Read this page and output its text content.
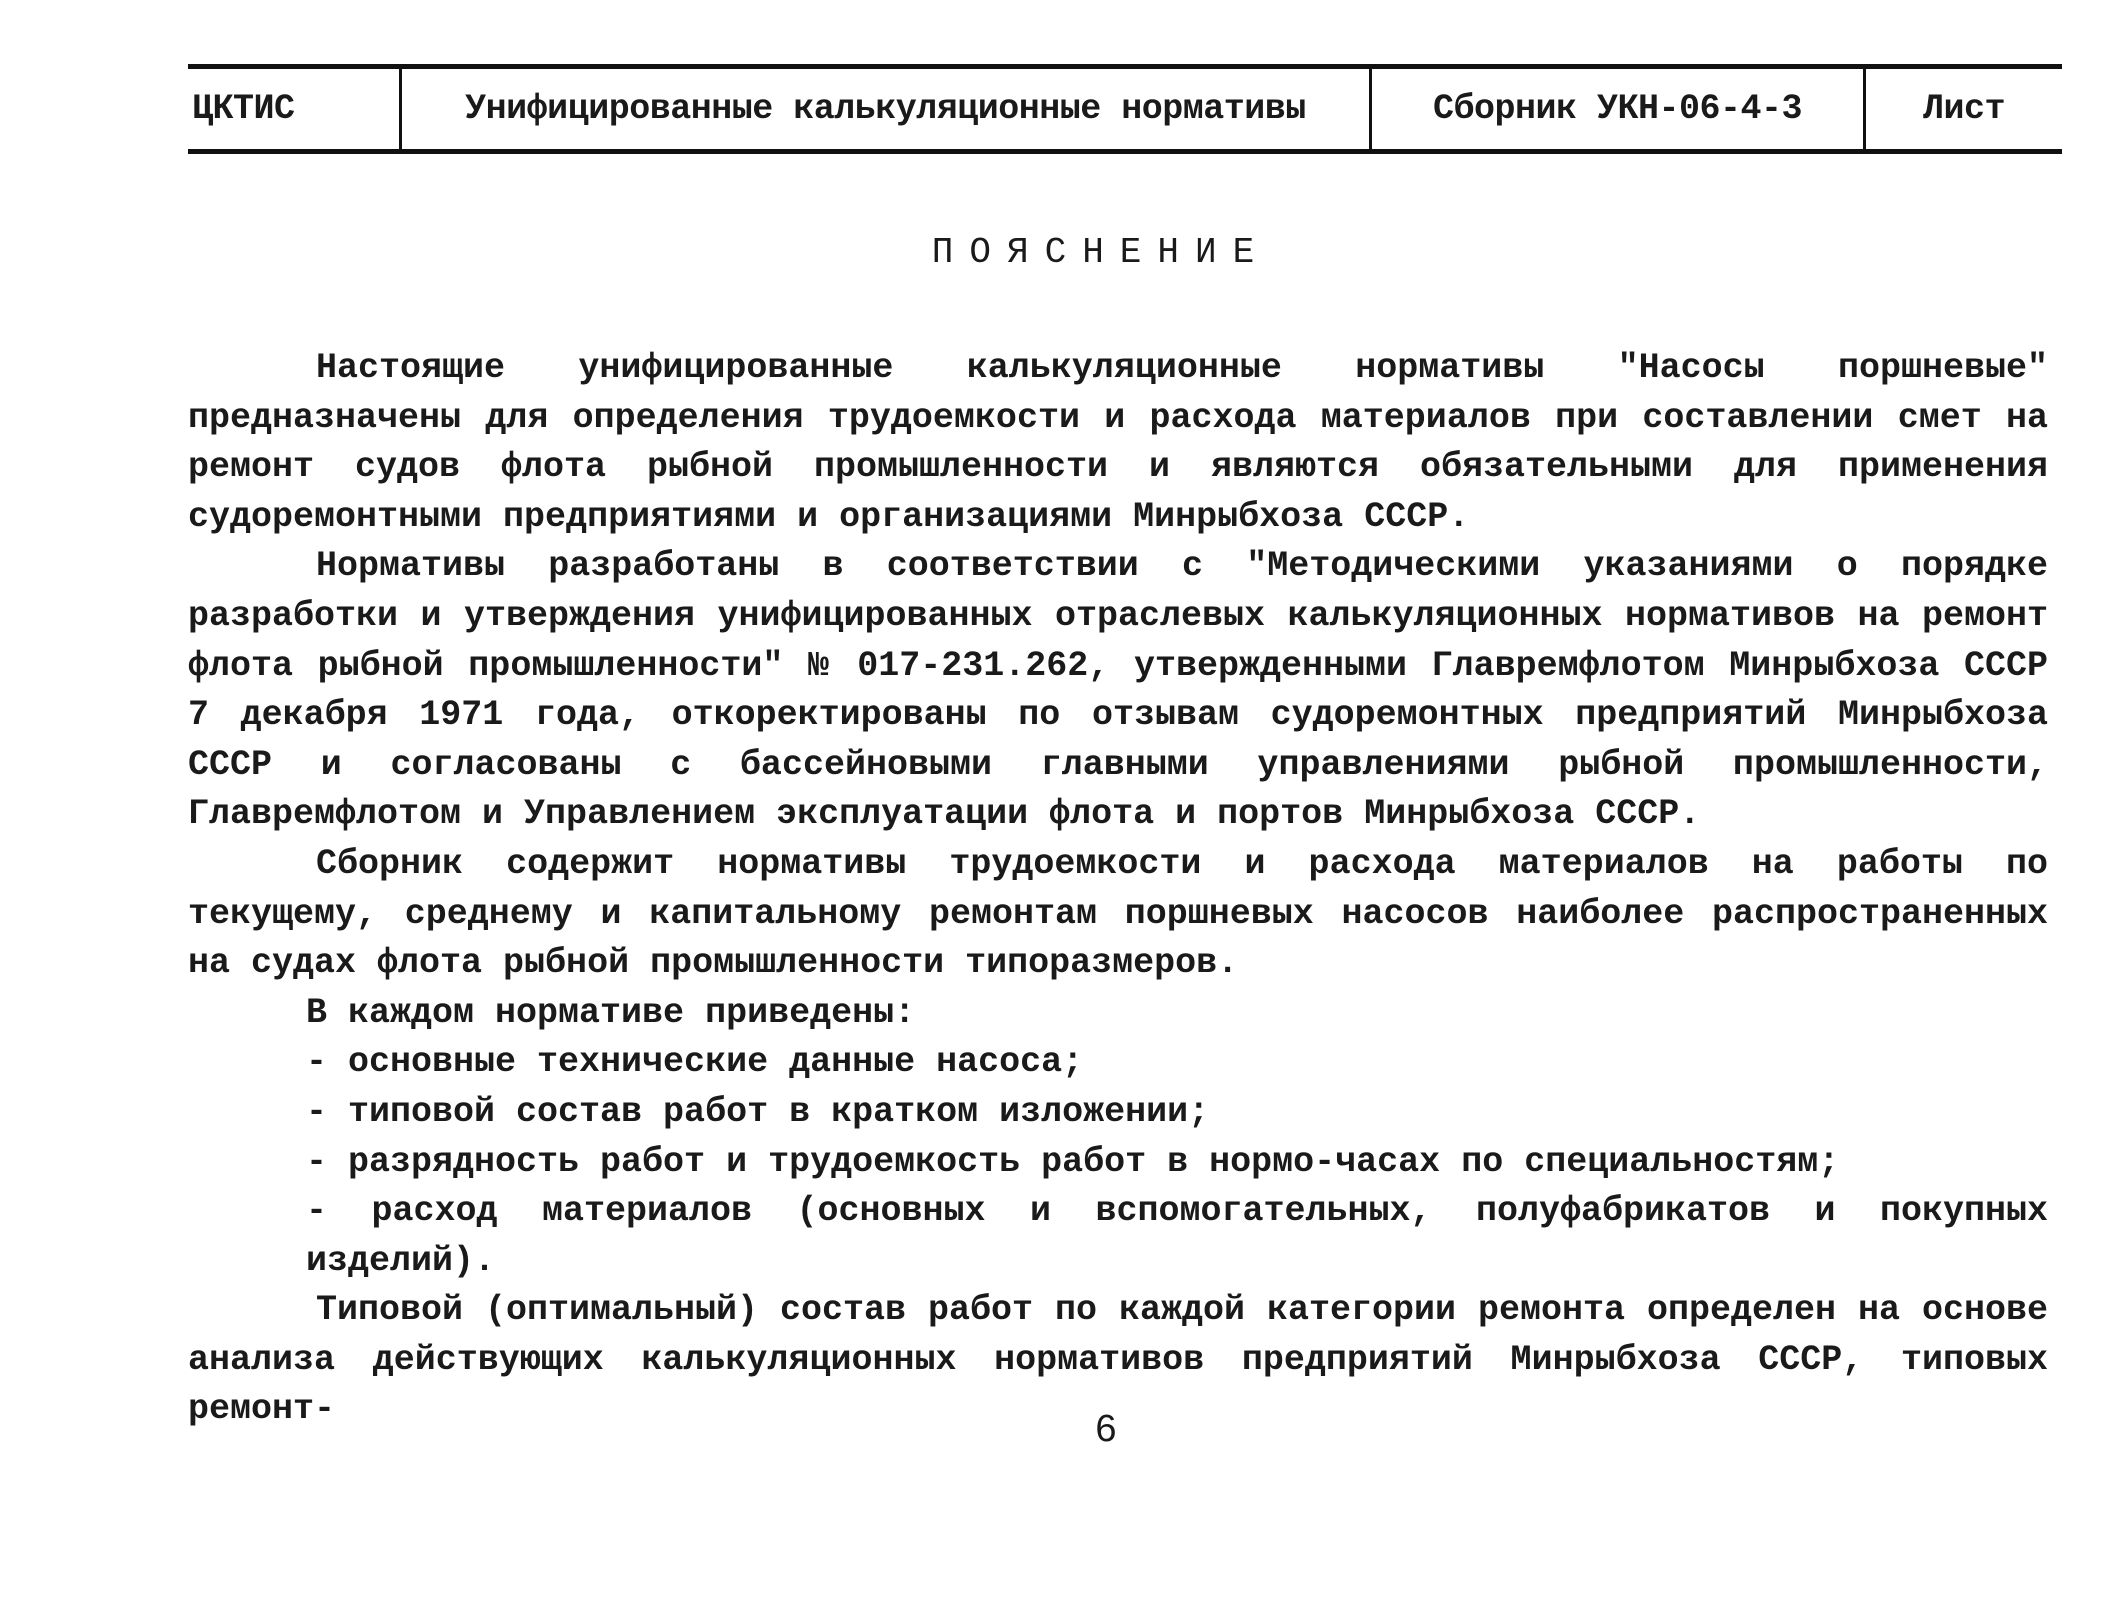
ЦКТИС	Унифицированные калькуляционные нормативы	Сборник УКН-06-4-3	Лист
ПОЯСНЕНИЕ

Настоящие унифицированные калькуляционные нормативы "Насосы поршневые" предназначены для определения трудоемкости и расхода материалов при составлении смет на ремонт судов флота рыбной промышленности и являются обязательными для применения судоремонтными предприятиями и организациями Минрыбхоза СССР.

Нормативы разработаны в соответствии с "Методическими указаниями о порядке разработки и утверждения унифицированных отраслевых калькуляционных нормативов на ремонт флота рыбной промышленности" № 017-231.262, утвержденными Главремфлотом Минрыбхоза СССР 7 декабря 1971 года, откоректированы по отзывам судоремонтных предприятий Минрыбхоза СССР и согласованы с бассейновыми главными управлениями рыбной промышленности, Главремфлотом и Управлением эксплуатации флота и портов Минрыбхоза СССР.

Сборник содержит нормативы трудоемкости и расхода материалов на работы по текущему, среднему и капитальному ремонтам поршневых насосов наиболее распространенных на судах флота рыбной промышленности типоразмеров.

В каждом нормативе приведены:

- основные технические данные насоса;

- типовой состав работ в кратком изложении;

- разрядность работ и трудоемкость работ в нормо-часах по специальностям;

- расход материалов (основных и вспомогательных, полуфабрикатов и покупных изделий).

Типовой (оптимальный) состав работ по каждой категории ремонта определен на основе анализа действующих калькуляционных нормативов предприятий Минрыбхоза СССР, типовых ремонт-	6
